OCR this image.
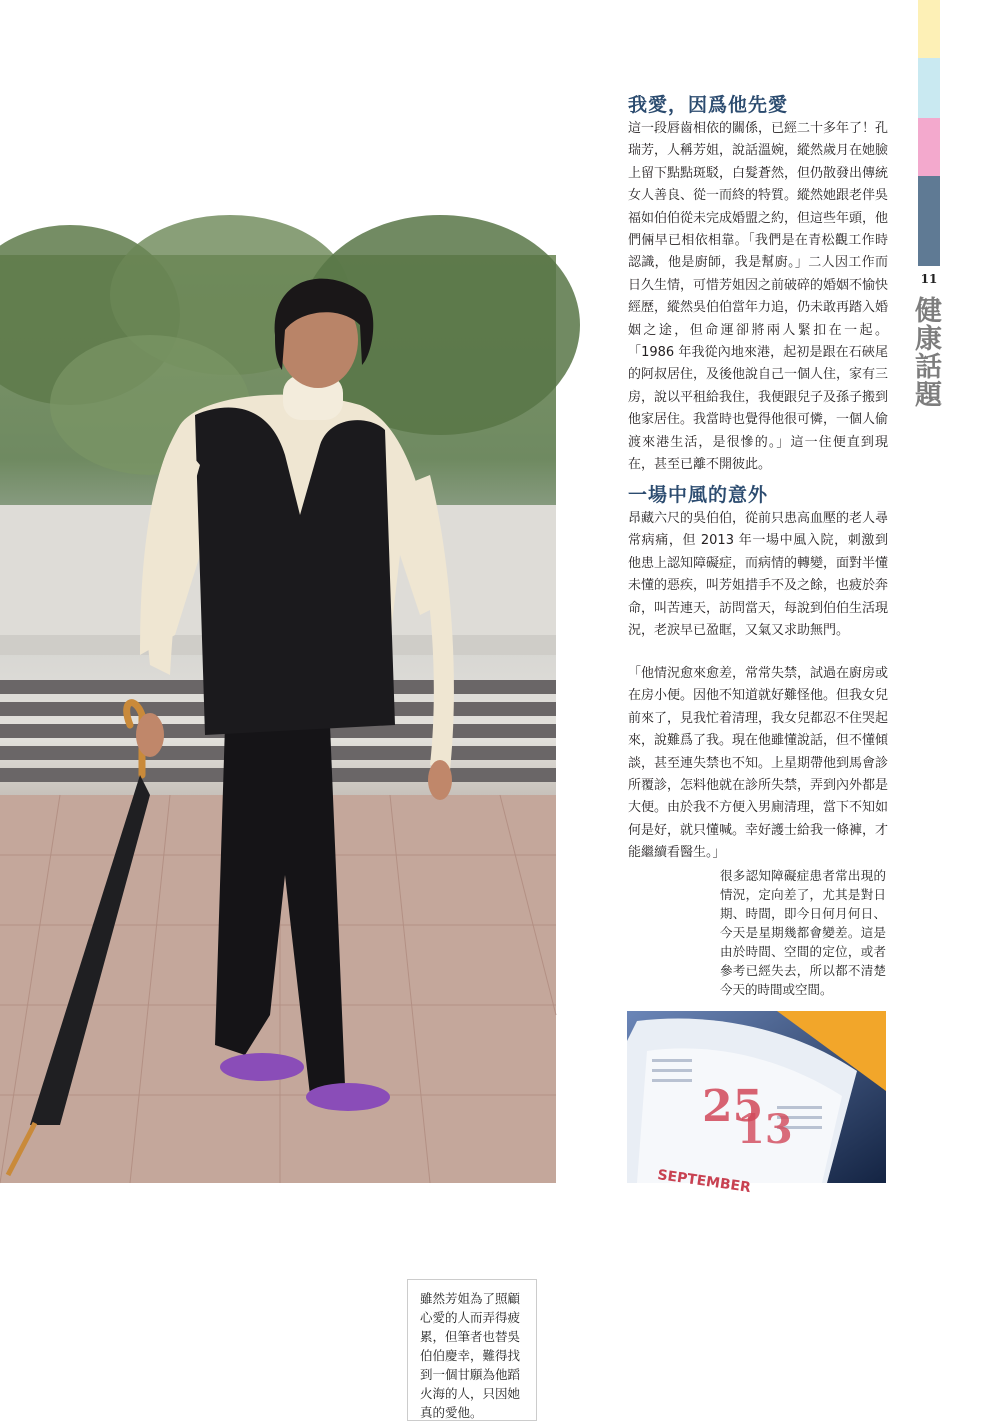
11
健康話題
雖然芳姐為了照顧心愛的人而弄得疲累，但筆者也替吳伯伯慶幸，難得找到一個甘願為他蹈火海的人，只因她真的愛他。
我愛，因爲他先愛

這一段唇齒相依的關係，已經二十多年了！孔瑞芳，人稱芳姐，說話溫婉，縱然歲月在她臉上留下點點斑駁，白髮蒼然，但仍散發出傳統女人善良、從一而終的特質。縱然她跟老伴吳福如伯伯從未完成婚盟之約，但這些年頭，他們倆早已相依相靠。「我們是在青松觀工作時認識，他是廚師，我是幫廚。」二人因工作而日久生情，可惜芳姐因之前破碎的婚姻不愉快經歷，縱然吳伯伯當年力追，仍未敢再踏入婚姻之途，但命運卻將兩人緊扣在一起。「1986 年我從內地來港，起初是跟在石硤尾的阿叔居住，及後他說自己一個人住，家有三房，說以平租給我住，我便跟兒子及孫子搬到他家居住。我當時也覺得他很可憐，一個人偷渡來港生活，是很慘的。」這一住便直到現在，甚至已離不開彼此。

一場中風的意外

昂藏六尺的吳伯伯，從前只患高血壓的老人尋常病痛，但 2013 年一場中風入院，刺激到他患上認知障礙症，而病情的轉變，面對半懂未懂的惡疾，叫芳姐措手不及之餘，也疲於奔命，叫苦連天，訪問當天，每說到伯伯生活現況，老淚早已盈眶，又氣又求助無門。

「他情況愈來愈差，常常失禁，試過在廚房或在房小便。因他不知道就好難怪他。但我女兒前來了，見我忙着清理，我女兒都忍不住哭起來，說難爲了我。現在他雖懂說話，但不懂傾談，甚至連失禁也不知。上星期帶他到馬會診所覆診，怎料他就在診所失禁，弄到內外都是大便。由於我不方便入男廁清理，當下不知如何是好，就只懂喊。幸好護士給我一條褲，才能繼續看醫生。」

很多認知障礙症患者常出現的情況，定向差了，尤其是對日期、時間，即今日何月何日、今天是星期幾都會變差。這是由於時間、空間的定位，或者參考已經失去，所以都不清楚今天的時間或空間。

25
13
SEPTEMBER
